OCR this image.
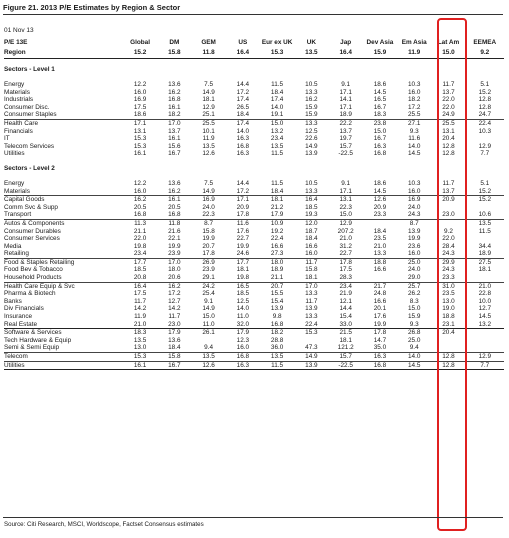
Figure 21. 2013 P/E Estimates by Region & Sector
01 Nov 13
P/E 13E	Global	DM	GEM	US	Eur ex UK	UK	Jap	Dev Asia	Em Asia	Lat Am	EEMEA
Region	15.2	15.8	11.8	16.4	15.3	13.5	16.4	15.9	11.9	15.0	9.2
Sectors - Level 1											
Energy	12.2	13.6	7.5	14.4	11.5	10.5	9.1	18.6	10.3	11.7	5.1
Materials	16.0	16.2	14.9	17.2	18.4	13.3	17.1	14.5	16.0	13.7	15.2
Industrials	16.9	16.8	18.1	17.4	17.4	16.2	14.1	16.5	18.2	22.0	12.8
Consumer Disc.	17.5	16.1	12.9	26.5	14.0	15.9	17.1	16.7	17.2	22.0	12.8
Consumer Staples	18.6	18.2	25.1	18.4	19.1	15.9	18.9	18.3	25.5	24.9	24.7
Health Care	17.1	17.0	25.5	17.4	15.0	13.3	22.2	23.8	27.1	25.5	22.4
Financials	13.1	13.7	10.1	14.0	13.2	12.5	13.7	15.0	9.3	13.1	10.3
IT	15.3	16.1	11.9	16.3	23.4	22.6	19.7	16.7	11.6	20.4	
Telecom Services	15.3	15.6	13.5	16.8	13.5	14.9	15.7	16.3	14.0	12.8	12.9
Utilities	16.1	16.7	12.6	16.3	11.5	13.9	-22.5	16.8	14.5	12.8	7.7
Sectors - Level 2											
Energy	12.2	13.6	7.5	14.4	11.5	10.5	9.1	18.6	10.3	11.7	5.1
Materials	16.0	16.2	14.9	17.2	18.4	13.3	17.1	14.5	16.0	13.7	15.2
Capital Goods	16.2	16.1	16.9	17.1	18.1	16.4	13.1	12.6	16.9	20.9	15.2
Comm Svc & Supp	20.5	20.5	24.0	20.9	21.2	18.5	22.3	20.9	24.0		
Transport	16.8	16.8	22.3	17.8	17.9	19.3	15.0	23.3	24.3	23.0	10.6
Autos & Components	11.3	11.8	8.7	11.6	10.9	12.0	12.9		8.7		13.5
Consumer Durables	21.1	21.6	15.8	17.6	19.2	18.7	207.2	18.4	13.9	9.2	11.5
Consumer Services	22.0	22.1	19.9	22.7	22.4	18.4	21.0	23.5	19.9	22.0	
Media	19.8	19.9	20.7	19.9	16.6	16.6	31.2	21.0	23.6	28.4	34.4
Retailing	23.4	23.9	17.8	24.6	27.3	16.0	22.7	13.3	16.0	24.3	18.9
Food & Staples Retailing	17.7	17.0	26.9	17.7	18.0	11.7	17.8	18.8	25.0	29.9	27.5
Food Bev & Tobacco	18.5	18.0	23.9	18.1	18.9	15.8	17.5	16.6	24.0	24.3	18.1
Household Products	20.8	20.6	29.1	19.8	21.1	18.1	28.3		29.0	23.3	
Health Care Equip & Svc	16.4	16.2	24.2	16.5	20.7	17.0	23.4	21.7	25.7	31.0	21.0
Pharma & Biotech	17.5	17.2	25.4	18.5	15.5	13.3	21.9	24.8	26.2	23.5	22.8
Banks	11.7	12.7	9.1	12.5	15.4	11.7	12.1	16.6	8.3	13.0	10.0
Div Financials	14.2	14.2	14.9	14.0	13.9	13.9	14.4	20.1	15.0	19.0	12.7
Insurance	11.9	11.7	15.0	11.0	9.8	13.3	15.4	17.6	15.9	18.8	14.5
Real Estate	21.0	23.0	11.0	32.0	16.8	22.4	33.0	19.9	9.3	23.1	13.2
Software & Services	18.3	17.9	26.1	17.9	18.2	15.3	21.5	17.8	26.8	20.4	
Tech Hardware & Equip	13.5	13.6		12.3	28.8		18.1	14.7	25.0		
Semi & Semi Equip	13.0	18.4	9.4	16.0	36.0	47.3	121.2	35.0	9.4		
Telecom	15.3	15.8	13.5	16.8	13.5	14.9	15.7	16.3	14.0	12.8	12.9
Utilities	16.1	16.7	12.6	16.3	11.5	13.9	-22.5	16.8	14.5	12.8	7.7
Source: Citi Research, MSCI, Worldscope, Factset Consensus estimates
